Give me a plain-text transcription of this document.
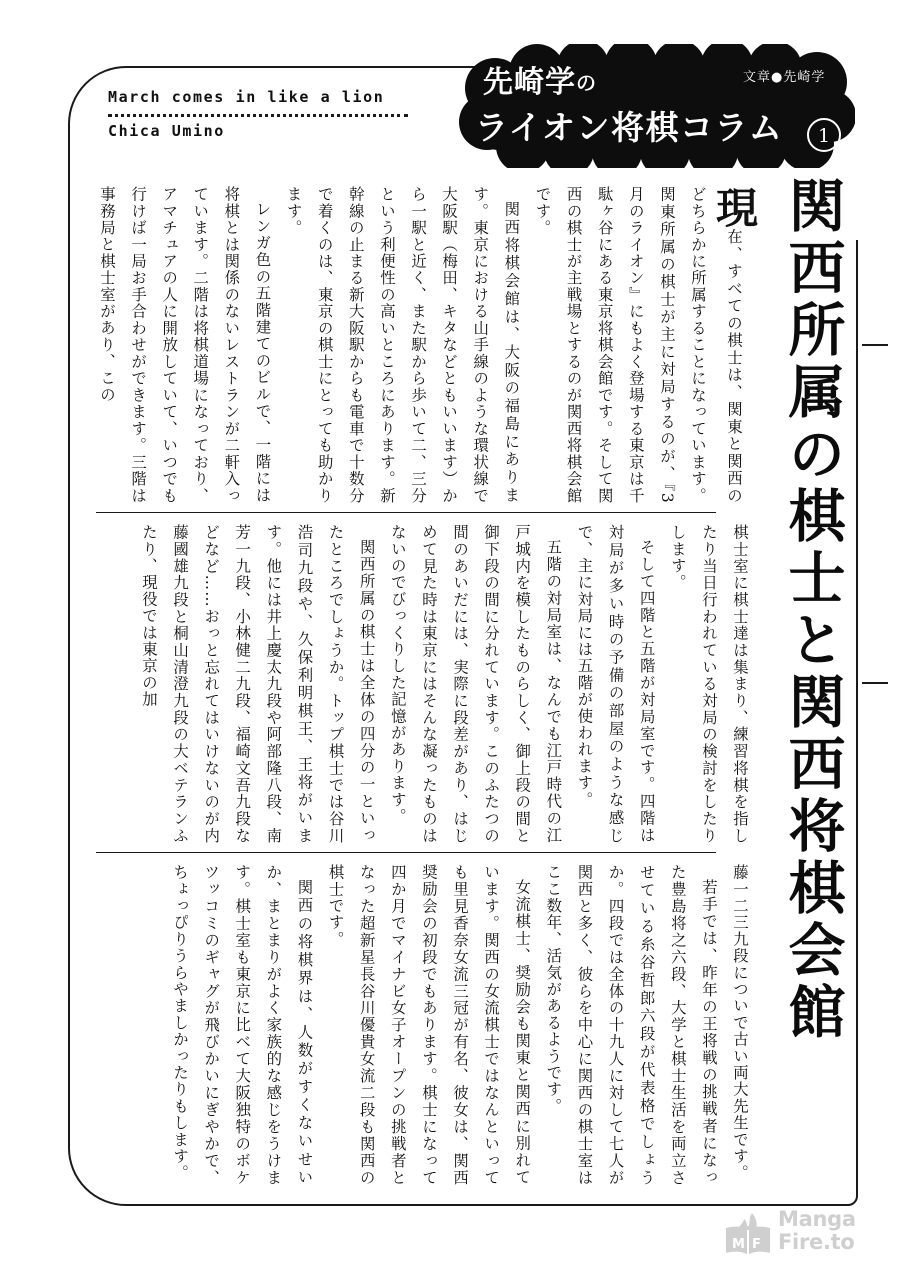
March comes in like a lion
Chica Umino
先崎学の
ライオン将棋コラム
文章●先崎学
1
関西所属の棋士と関西将棋会館

現在、すべての棋士は、関東と関西のどちらかに所属することになっています。関東所属の棋士が主に対局するのが、『3月のライオン』にもよく登場する東京は千駄ヶ谷にある東京将棋会館です。そして関西の棋士が主戦場とするのが関西将棋会館です。

関西将棋会館は、大阪の福島にあります。東京における山手線のような環状線で大阪駅（梅田、キタなどともいいます）から一駅と近く、また駅から歩いて二、三分という利便性の高いところにあります。新幹線の止まる新大阪駅からも電車で十数分で着くのは、東京の棋士にとっても助かります。

レンガ色の五階建てのビルで、一階には将棋とは関係のないレストランが二軒入っています。二階は将棋道場になっており、アマチュアの人に開放していて、いつでも行けば一局お手合わせができます。三階は事務局と棋士室があり、この

棋士室に棋士達は集まり、練習将棋を指したり当日行われている対局の検討をしたりします。

そして四階と五階が対局室です。四階は対局が多い時の予備の部屋のような感じで、主に対局には五階が使われます。

五階の対局室は、なんでも江戸時代の江戸城内を模したものらしく、御上段の間と御下段の間に分れています。このふたつの間のあいだには、実際に段差があり、はじめて見た時は東京にはそんな凝ったものはないのでびっくりした記憶があります。

関西所属の棋士は全体の四分の一といったところでしょうか。トップ棋士では谷川浩司九段や、久保利明棋王、王将がいます。他には井上慶太九段や阿部隆八段、南芳一九段、小林健二九段、福崎文吾九段などなど……おっと忘れてはいけないのが内藤國雄九段と桐山清澄九段の大ベテランふたり、現役では東京の加

藤一二三九段についで古い両大先生です。

若手では、昨年の王将戦の挑戦者になった豊島将之六段、大学と棋士生活を両立させている糸谷哲郎六段が代表格でしょうか。四段では全体の十九人に対して七人が関西と多く、彼らを中心に関西の棋士室はここ数年、活気があるようです。

女流棋士、奨励会も関東と関西に別れています。関西の女流棋士ではなんといっても里見香奈女流三冠が有名、彼女は、関西奨励会の初段でもあります。棋士になって四か月でマイナビ女子オープンの挑戦者となった超新星長谷川優貴女流二段も関西の棋士です。

関西の将棋界は、人数がすくないせいか、まとまりがよく家族的な感じをうけます。棋士室も東京に比べて大阪独特のボケツッコミのギャグが飛びかいにぎやかで、ちょっぴりうらやましかったりもします。

M F
Manga
Fire.to
